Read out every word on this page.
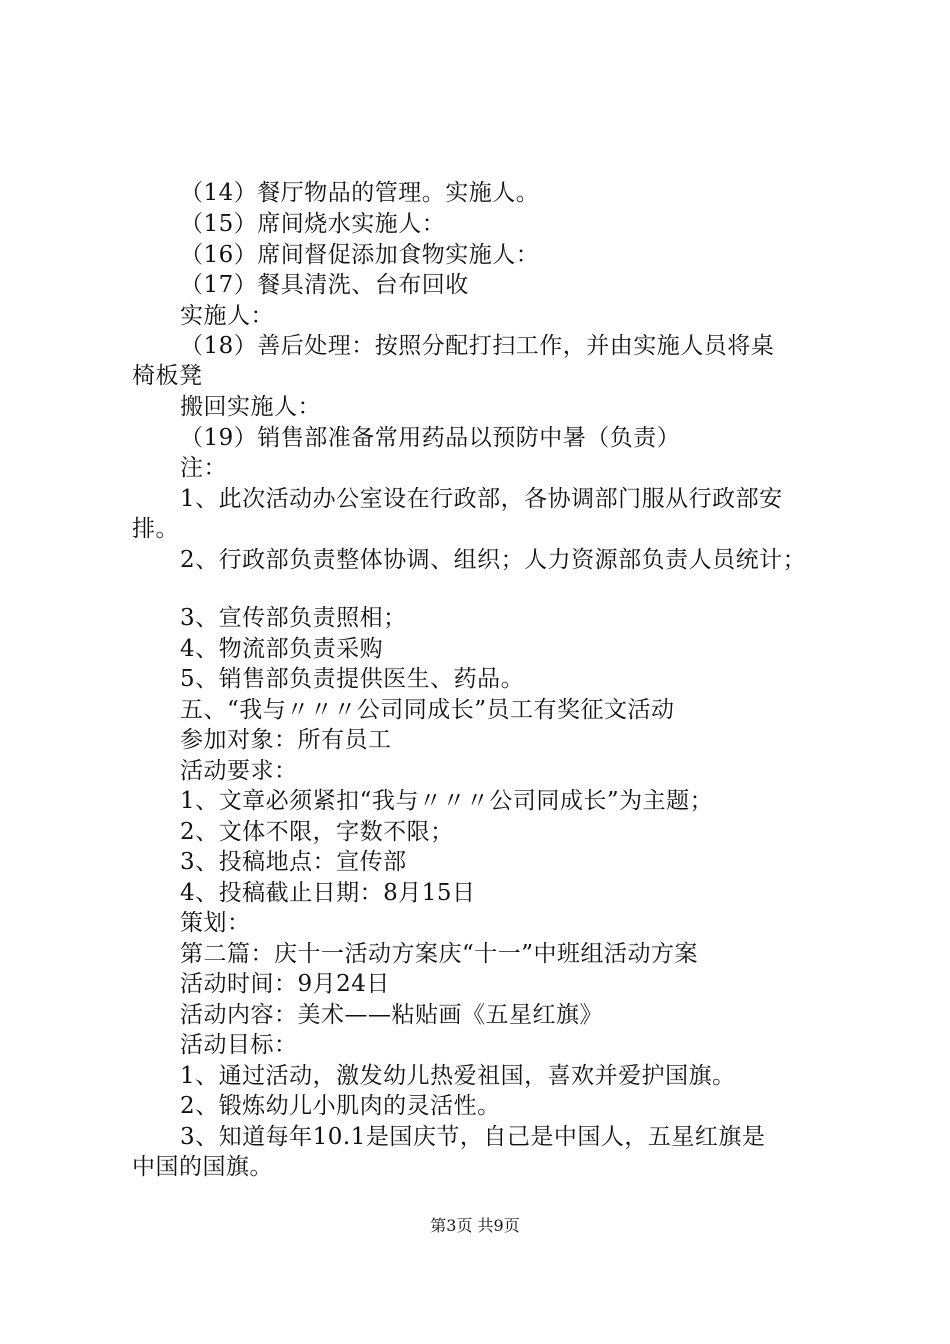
（14）餐厅物品的管理。实施人。
（15）席间烧水实施人：
（16）席间督促添加食物实施人：
（17）餐具清洗、台布回收
实施人：
（18）善后处理：按照分配打扫工作，并由实施人员将桌
椅板凳
搬回实施人：
（19）销售部准备常用药品以预防中暑（负责）
注：
1、此次活动办公室设在行政部，各协调部门服从行政部安
排。
2、行政部负责整体协调、组织；人力资源部负责人员统计；
3、宣传部负责照相；
4、物流部负责采购
5、销售部负责提供医生、药品。
五、“我与〃〃〃公司同成长”员工有奖征文活动
参加对象：所有员工
活动要求：
1、文章必须紧扣“我与〃〃〃公司同成长”为主题；
2、文体不限，字数不限；
3、投稿地点：宣传部
4、投稿截止日期：8月15日
策划：
第二篇：庆十一活动方案庆“十一”中班组活动方案
活动时间：9月24日
活动内容：美术——粘贴画《五星红旗》
活动目标：
1、通过活动，激发幼儿热爱祖国，喜欢并爱护国旗。
2、锻炼幼儿小肌肉的灵活性。
3、知道每年10.1是国庆节，自己是中国人，五星红旗是
中国的国旗。
第3页 共9页
